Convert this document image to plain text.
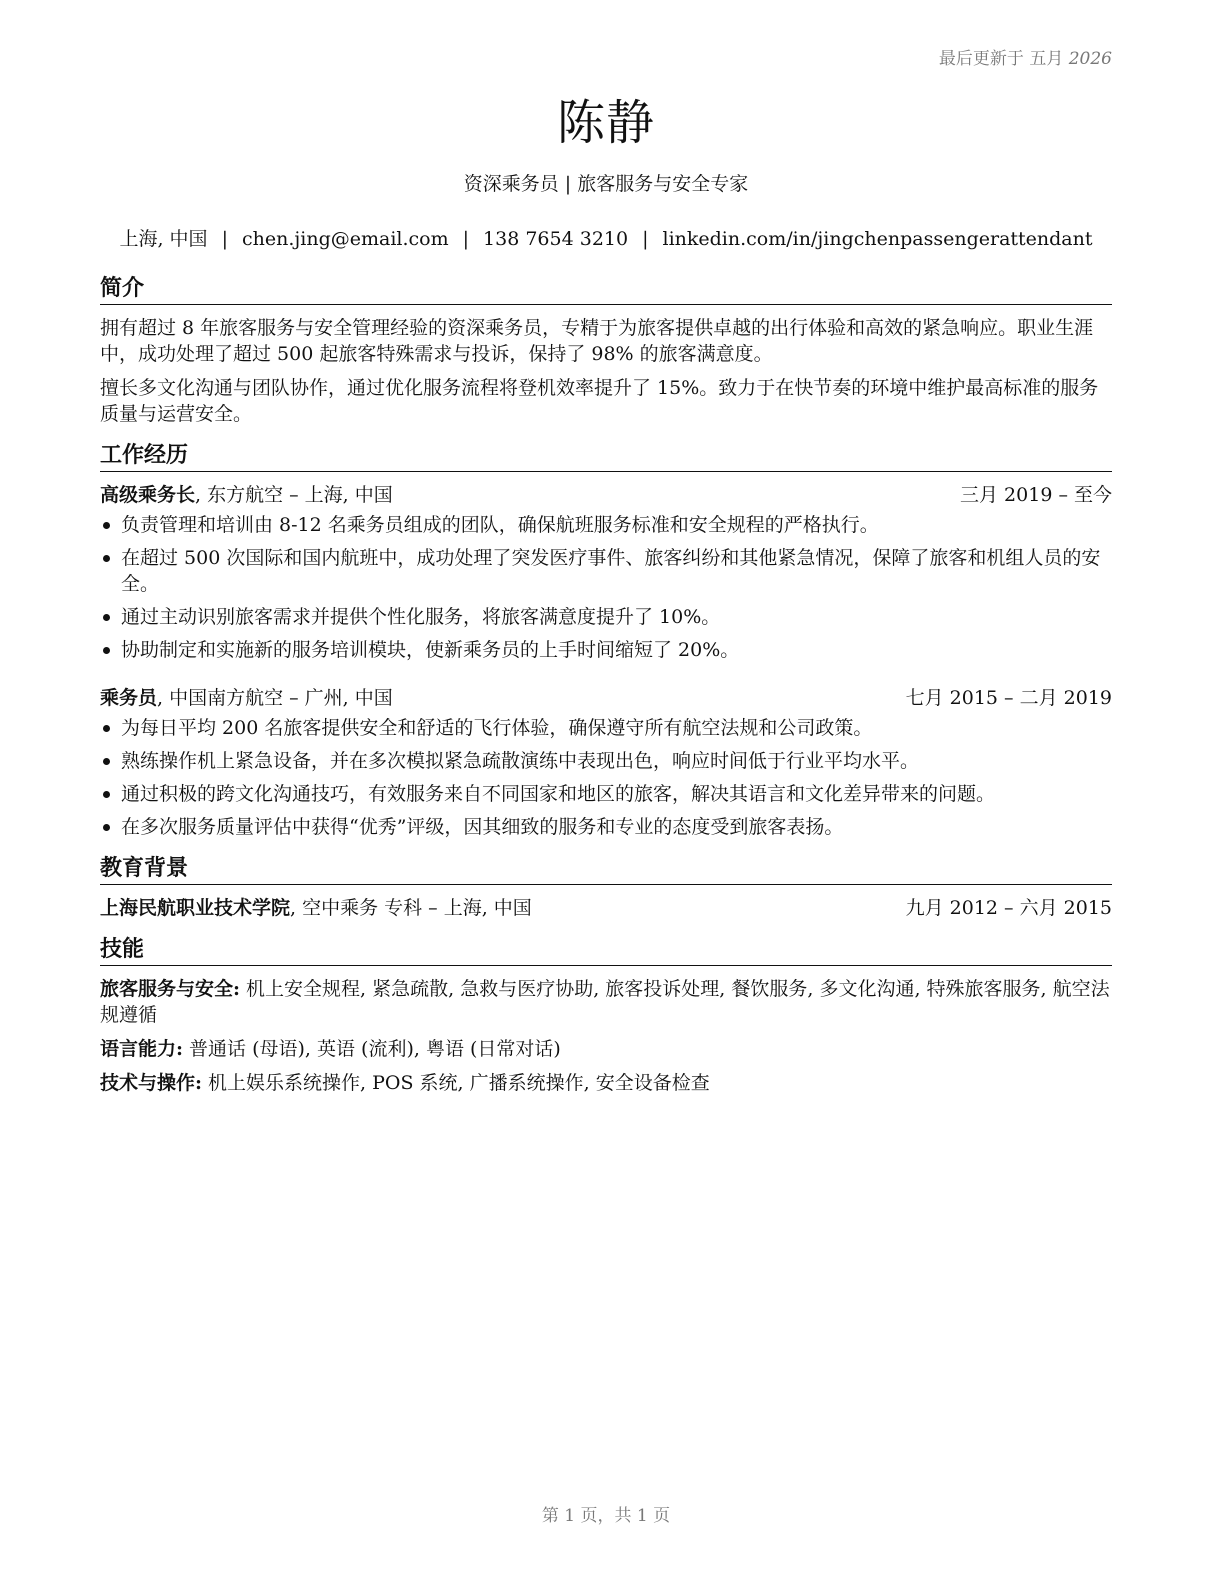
最后更新于 五月 2026
陈静
资深乘务员 | 旅客服务与安全专家
上海, 中国 | chen.jing@email.com | 138 7654 3210 | linkedin.com/in/jingchenpassengerattendant
简介

拥有超过 8 年旅客服务与安全管理经验的资深乘务员，专精于为旅客提供卓越的出行体验和高效的紧急响应。职业生涯中，成功处理了超过 500 起旅客特殊需求与投诉，保持了 98% 的旅客满意度。

擅长多文化沟通与团队协作，通过优化服务流程将登机效率提升了 15%。致力于在快节奏的环境中维护最高标准的服务质量与运营安全。

工作经历
高级乘务长, 东方航空 – 上海, 中国	三月 2019 – 至今
负责管理和培训由 8-12 名乘务员组成的团队，确保航班服务标准和安全规程的严格执行。
在超过 500 次国际和国内航班中，成功处理了突发医疗事件、旅客纠纷和其他紧急情况，保障了旅客和机组人员的安全。
通过主动识别旅客需求并提供个性化服务，将旅客满意度提升了 10%。
协助制定和实施新的服务培训模块，使新乘务员的上手时间缩短了 20%。
乘务员, 中国南方航空 – 广州, 中国	七月 2015 – 二月 2019
为每日平均 200 名旅客提供安全和舒适的飞行体验，确保遵守所有航空法规和公司政策。
熟练操作机上紧急设备，并在多次模拟紧急疏散演练中表现出色，响应时间低于行业平均水平。
通过积极的跨文化沟通技巧，有效服务来自不同国家和地区的旅客，解决其语言和文化差异带来的问题。
在多次服务质量评估中获得“优秀”评级，因其细致的服务和专业的态度受到旅客表扬。
教育背景
上海民航职业技术学院, 空中乘务 专科 – 上海, 中国	九月 2012 – 六月 2015
技能

旅客服务与安全: 机上安全规程, 紧急疏散, 急救与医疗协助, 旅客投诉处理, 餐饮服务, 多文化沟通, 特殊旅客服务, 航空法规遵循

语言能力: 普通话 (母语), 英语 (流利), 粤语 (日常对话)

技术与操作: 机上娱乐系统操作, POS 系统, 广播系统操作, 安全设备检查

第 1 页，共 1 页
